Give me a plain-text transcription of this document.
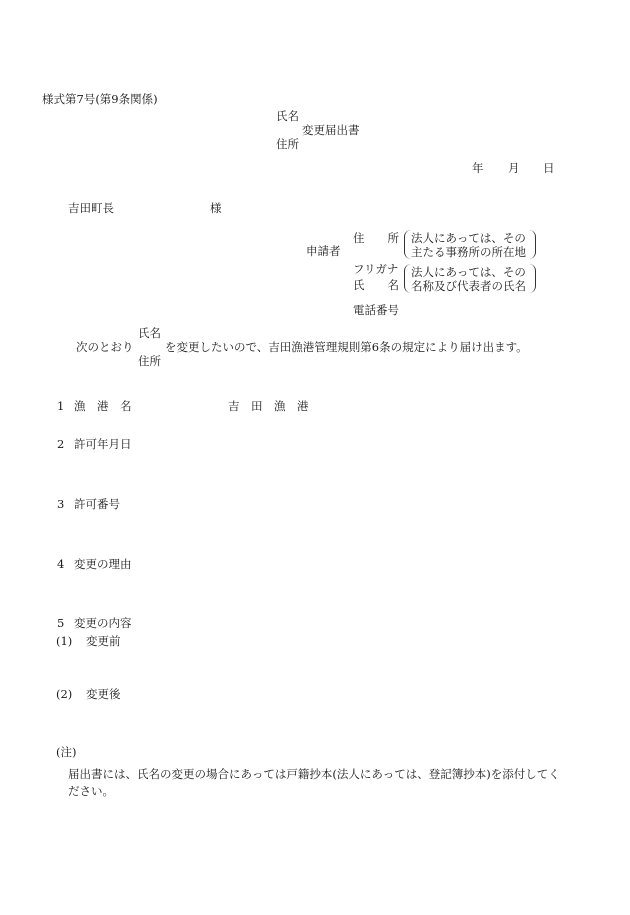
様式第7号(第9条関係)
氏名
変更届出書
住所
年 月 日
吉田町長	様
申請者
住　　所 法人にあっては、その
主たる事務所の所在地
フリガナ
氏　　名
法人にあっては、その
名称及び代表者の氏名
電話番号
次のとおり
氏名
住所
を変更したいので、吉田漁港管理規則第6条の規定により届け出ます。
1 漁　港　名	吉　田　漁　港
2 許可年月日
3 許可番号
4 変更の理由
5 変更の内容
(1) 変更前
(2) 変更後
(注)
届出書には、氏名の変更の場合にあっては戸籍抄本(法人にあっては、登記簿抄本)を添付してく
ださい。
